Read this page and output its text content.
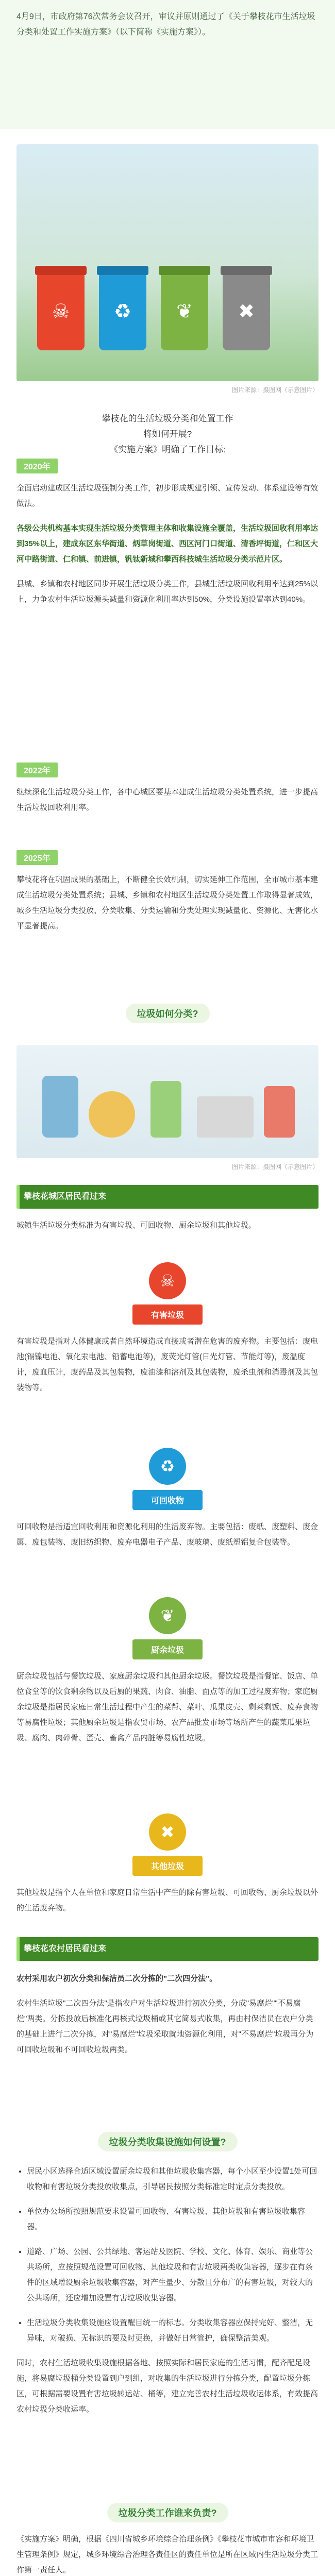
4月9日，市政府第76次常务会议召开，审议并原则通过了《关于攀枝花市生活垃圾分类和处置工作实施方案》（以下简称《实施方案》）。
☠	♻	❦	✖
图片来源：摄图网（示意图片）
攀枝花的生活垃圾分类和处置工作
将如何开展?
《实施方案》明确了工作目标:
2020年

全面启动建成区生活垃圾强制分类工作，初步形成规建引领、宣传发动、体系建设等有效做法。

各级公共机构基本实现生活垃圾分类管理主体和收集设施全覆盖，生活垃圾回收利用率达到35%以上，建成东区东华街道、炳草岗街道、西区河门口街道、清香坪街道，仁和区大河中路街道、仁和镇、前进镇，钒钛新城和攀西科技城生活垃圾分类示范片区。

县城、乡镇和农村地区同步开展生活垃圾分类工作，县城生活垃圾回收利用率达到25%以上，力争农村生活垃圾源头减量和资源化利用率达到50%，分类设施设置率达到40%。

2022年

继续深化生活垃圾分类工作，各中心城区要基本建成生活垃圾分类处置系统，进一步提高生活垃圾回收利用率。

2025年

攀枝花将在巩固成果的基础上，不断健全长效机制，切实延伸工作范围，全市城市基本建成生活垃圾分类处置系统；县城、乡镇和农村地区生活垃圾分类处置工作取得显著成效，城乡生活垃圾分类投放、分类收集、分类运输和分类处理实现减量化、资源化、无害化水平显著提高。

垃圾如何分类?
图片来源：摄图网（示意图片）
攀枝花城区居民看过来

城镇生活垃圾分类标准为有害垃圾、可回收物、厨余垃圾和其他垃圾。

☠
有害垃圾

有害垃圾是指对人体健康或者自然环境造成直接或者潜在危害的废弃物。主要包括：废电池(镉镍电池、氧化汞电池、铅蓄电池等)，废荧光灯管(日光灯管、节能灯等)，废温度计，废血压计，废药品及其包装物，废油漆和溶剂及其包装物，废杀虫剂和消毒剂及其包装物等。

♻
可回收物

可回收物是指适宜回收利用和资源化利用的生活废弃物。主要包括：废纸、废塑料、废金属、废包装物、废旧纺织物、废弃电器电子产品、废玻璃、废纸塑铝复合包装等。

❦
厨余垃圾

厨余垃圾包括与餐饮垃圾、家庭厨余垃圾和其他厨余垃圾。餐饮垃圾是指餐馆、饭店、单位食堂等的饮食剩余物以及后厨的果蔬、肉食、油脂、面点等的加工过程废弃物；家庭厨余垃圾是指居民家庭日常生活过程中产生的菜帮、菜叶、瓜果皮壳、剩菜剩饭、废弃食物等易腐性垃圾；其他厨余垃圾是指农贸市场、农产品批发市场等场所产生的蔬菜瓜果垃圾、腐肉、肉碎骨、蛋壳、畜禽产品内脏等易腐性垃圾。

✖
其他垃圾

其他垃圾是指个人在单位和家庭日常生活中产生的除有害垃圾、可回收物、厨余垃圾以外的生活废弃物。

攀枝花农村居民看过来

农村采用农户初次分类和保洁员二次分拣的"二次四分法"。

农村生活垃圾"二次四分法"是指农户对生活垃圾进行初次分类，分成"易腐烂""不易腐烂"两类。分拣投放后核准化再核式垃圾桶或其它简易式收集，再由村保洁员在农户分类的基础上进行二次分拣，对"易腐烂"垃圾采取就地资源化利用，对"不易腐烂"垃圾再分为可回收垃圾和不可回收垃圾两类。

垃圾分类收集设施如何设置?
• 居民小区选择合适区域设置厨余垃圾和其他垃圾收集容器，每个小区至少设置1处可回收物和有害垃圾分类投放收集点，引导居民按照分类标准定时定点分类投放。
• 单位办公场所按照规范要求设置可回收物、有害垃圾、其他垃圾和有害垃圾收集容器。
• 道路、广场、公园、公共绿地、客运站及医院、学校、文化、体育、娱乐、商业等公共场所，应按照规范设置可回收物、其他垃圾和有害垃圾两类收集容器，逐步在有条件的区域增设厨余垃圾收集容器，对产生量少、分散且分布广的有害垃圾，对较大的公共场所，还应增加设置有害垃圾收集容器。
• 生活垃圾分类收集设施应设置醒目统一的标志。分类收集容器应保持完好、整洁，无异味，对破损、无标识的要及时更换，并做好日常管护，确保整洁美观。

同时，农村生活垃圾收集设施根据各地、按照实际和居民家庭的生活习惯，配齐配足设施，将易腐垃圾桶分类设置到户到组，对收集的生活垃圾进行分拣分类，配置垃圾分拣区，可根据需要设置有害垃圾转运站、桶等，建立完善农村生活垃圾收运体系，有效提高农村垃圾分类收运率。

垃圾分类工作谁来负责?

《实施方案》明确，根据《四川省城乡环境综合治理条例》《攀枝花市城市市容和环境卫生管理条例》规定，城乡环境综合治理各责任区的责任单位是所在区域内生活垃圾分类工作第一责任人。
